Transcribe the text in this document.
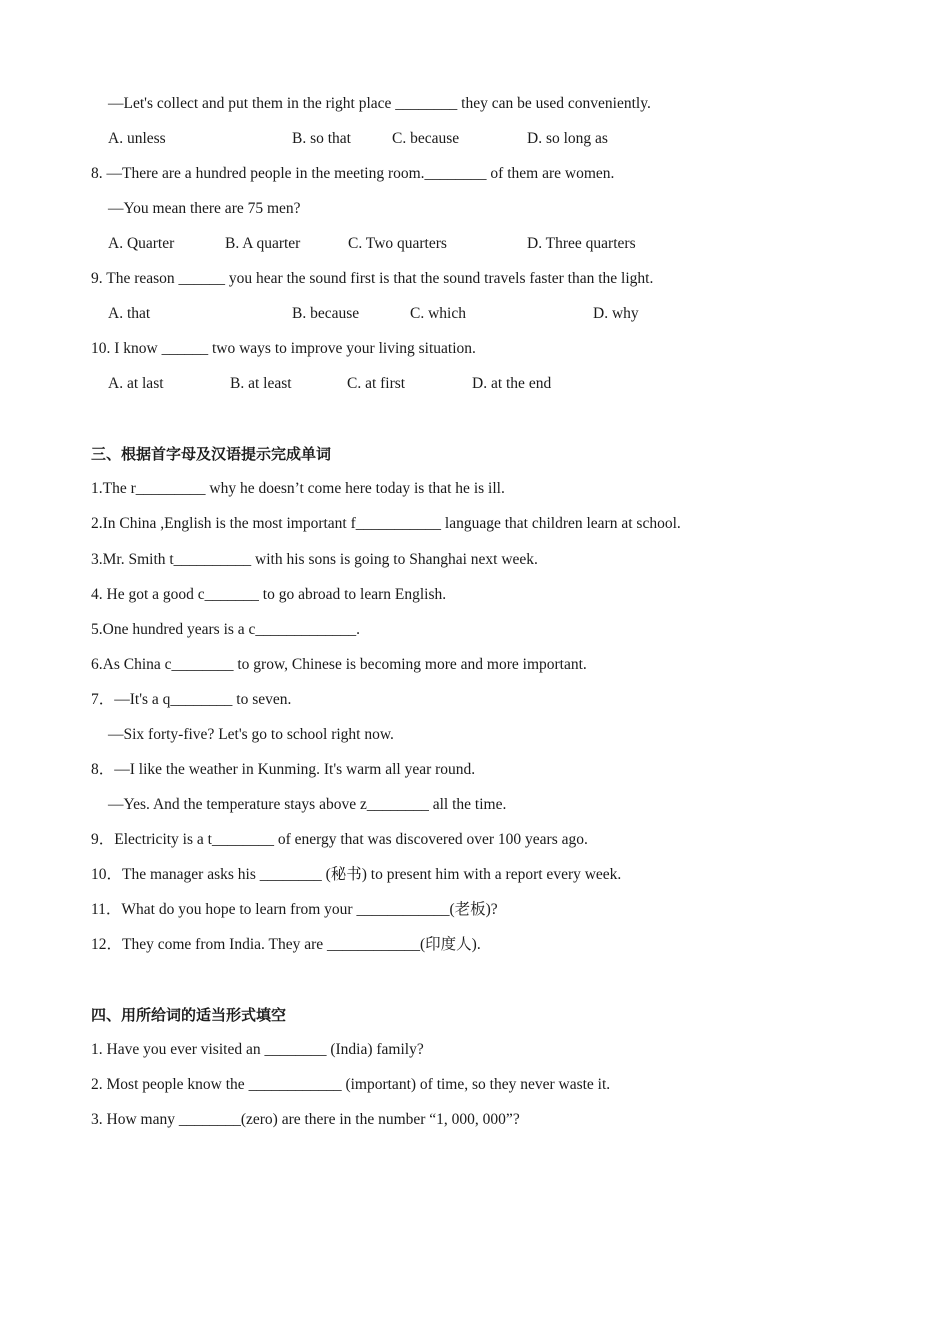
—Let's collect and put them in the right place ________ they can be used conveniently.
A. unless	B. so that	C. because	D. so long as
8. —There are a hundred people in the meeting room.________ of them are women.
—You mean there are 75 men?
A. Quarter	B. A quarter	C. Two quarters	D. Three quarters
9. The reason ______ you hear the sound first is that the sound travels faster than the light.
A. that	B. because	C. which	D. why
10. I know ______ two ways to improve your living situation.
A. at last	B. at least	C. at first	D. at the end
三、根据首字母及汉语提示完成单词
1.The r_________ why he doesn’t come here today is that he is ill.
2.In China ,English is the most important f___________ language that children learn at school.
3.Mr. Smith t__________ with his sons is going to Shanghai next week.
4. He got a good c_______ to go abroad to learn English.
5.One hundred years is a c_____________.
6.As China c________ to grow, Chinese is becoming more and more important.
7．—It's a q________ to seven.
—Six forty-five? Let's go to school right now.
8．—I like the weather in Kunming. It's warm all year round.
—Yes. And the temperature stays above z________ all the time.
9．Electricity is a t________ of energy that was discovered over 100 years ago.
10．The manager asks his ________ (秘书) to present him with a report every week.
11．What do you hope to learn from your ____________(老板)?
12．They come from India. They are ____________(印度人).
四、用所给词的适当形式填空
1. Have you ever visited an ________ (India) family?
2. Most people know the ____________ (important) of time, so they never waste it.
3. How many ________(zero) are there in the number “1, 000, 000”?
